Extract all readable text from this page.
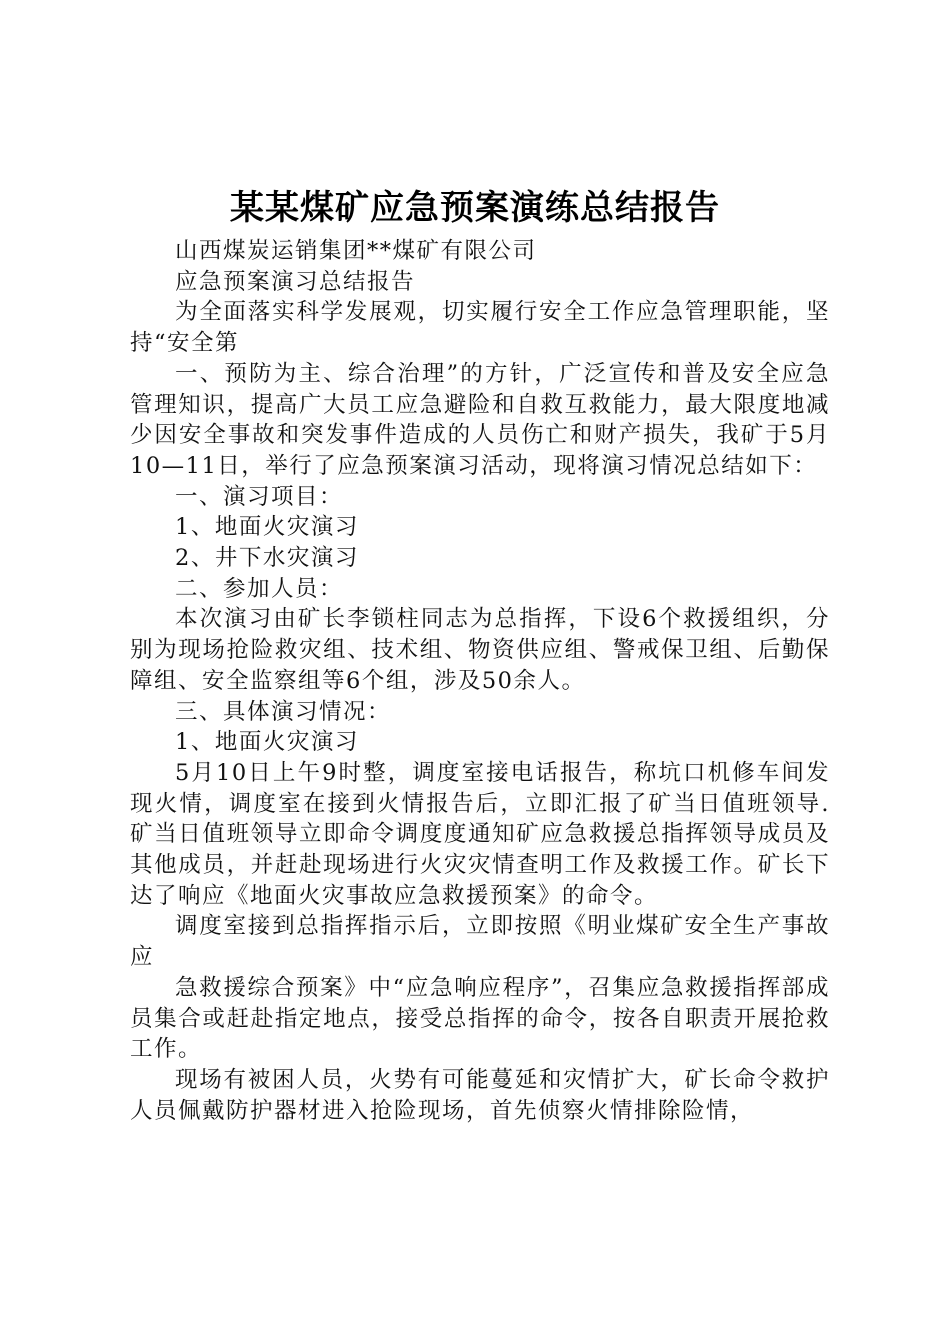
某某煤矿应急预案演练总结报告

山西煤炭运销集团**煤矿有限公司

应急预案演习总结报告

为全面落实科学发展观，切实履行安全工作应急管理职能，坚持“安全第

一、预防为主、综合治理”的方针，广泛宣传和普及安全应急管理知识，提高广大员工应急避险和自救互救能力，最大限度地减少因安全事故和突发事件造成的人员伤亡和财产损失，我矿于5月10—11日，举行了应急预案演习活动，现将演习情况总结如下：

一、演习项目：

1、地面火灾演习

2、井下水灾演习

二、参加人员：

本次演习由矿长李锁柱同志为总指挥，下设6个救援组织，分别为现场抢险救灾组、技术组、物资供应组、警戒保卫组、后勤保障组、安全监察组等6个组，涉及50余人。

三、具体演习情况：

1、地面火灾演习

5月10日上午9时整，调度室接电话报告，称坑口机修车间发现火情，调度室在接到火情报告后，立即汇报了矿当日值班领导.矿当日值班领导立即命令调度度通知矿应急救援总指挥领导成员及其他成员，并赶赴现场进行火灾灾情查明工作及救援工作。矿长下达了响应《地面火灾事故应急救援预案》的命令。

调度室接到总指挥指示后，立即按照《明业煤矿安全生产事故应

急救援综合预案》中“应急响应程序”，召集应急救援指挥部成员集合或赶赴指定地点，接受总指挥的命令，按各自职责开展抢救工作。

现场有被困人员，火势有可能蔓延和灾情扩大，矿长命令救护人员佩戴防护器材进入抢险现场，首先侦察火情排除险情，
